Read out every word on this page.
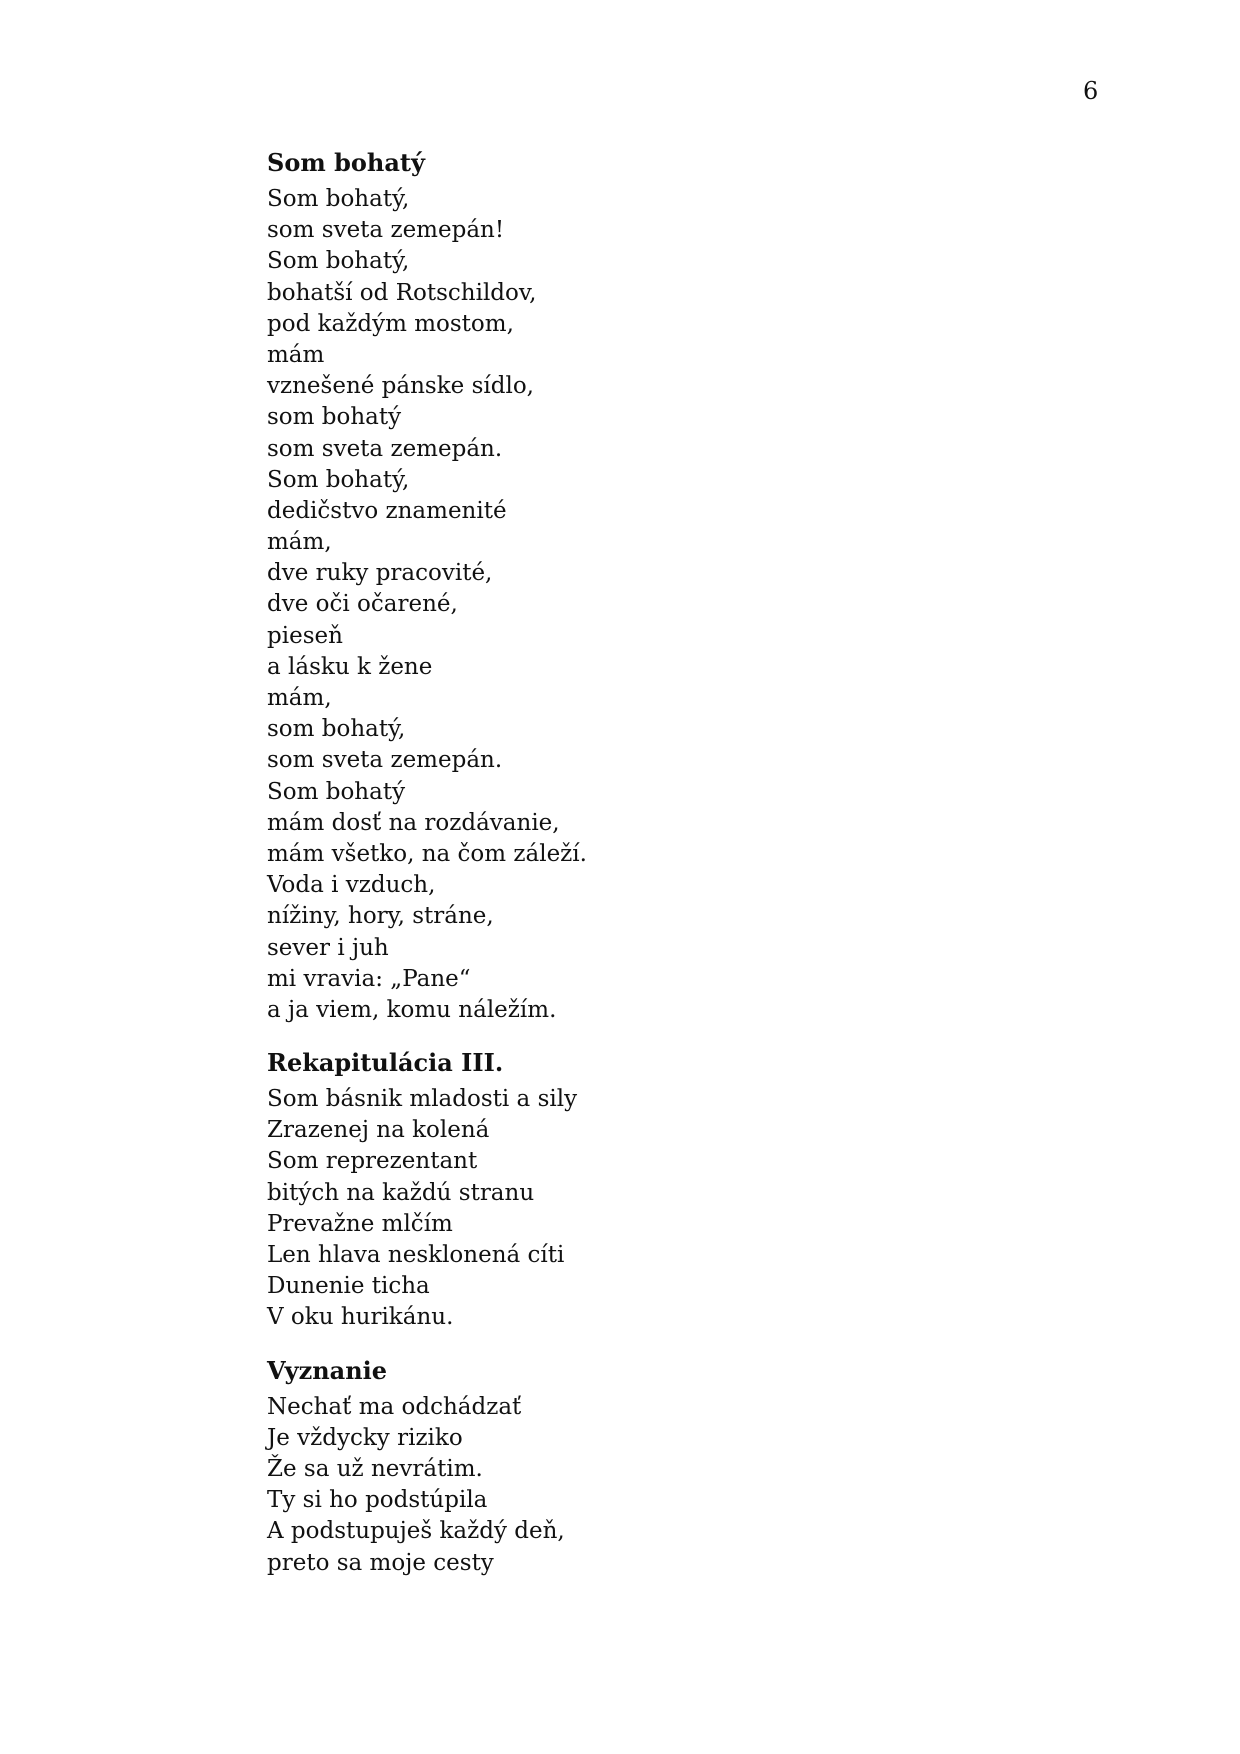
6
Som bohatý
Som bohatý,
som sveta zemepán!
Som bohatý,
bohatší od Rotschildov,
pod každým mostom,
mám
vznešené pánske sídlo,
som bohatý
som sveta zemepán.
Som bohatý,
dedičstvo znamenité
mám,
dve ruky pracovité,
dve oči očarené,
pieseň
a lásku k žene
mám,
som bohatý,
som sveta zemepán.
Som bohatý
mám dosť na rozdávanie,
mám všetko, na čom záleží.
Voda i vzduch,
nížiny, hory, stráne,
sever i juh
mi vravia: „Pane“
a ja viem, komu náležím.
Rekapitulácia III.
Som básnik mladosti a sily
Zrazenej na kolená
Som reprezentant
bitých na každú stranu
Prevažne mlčím
Len hlava nesklonená cíti
Dunenie ticha
V oku hurikánu.
Vyznanie
Nechať ma odchádzať
Je vždycky riziko
Že sa už nevrátim.
Ty si ho podstúpila
A podstupuješ každý deň,
preto sa moje cesty
